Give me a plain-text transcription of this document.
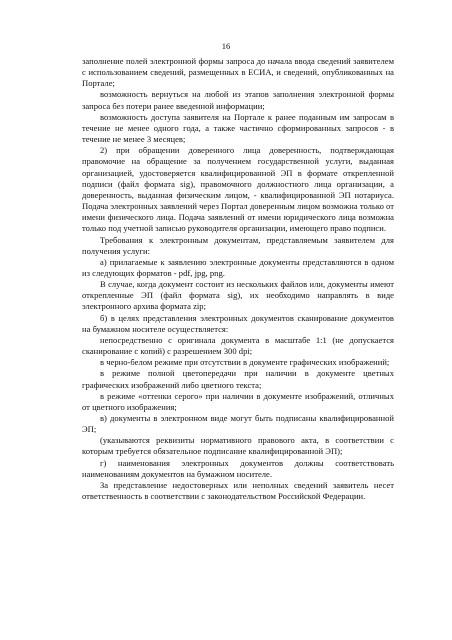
16

заполнение полей электронной формы запроса до начала ввода сведений заявителем с использованием сведений, размещенных в ЕСИА, и сведений, опубликованных на Портале;

возможность вернуться на любой из этапов заполнения электронной формы запроса без потери ранее введенной информации;

возможность доступа заявителя на Портале к ранее поданным им запросам в течение не менее одного года, а также частично сформированных запросов - в течение не менее 3 месяцев;

2) при обращении доверенного лица доверенность, подтверждающая правомочие на обращение за получением государственной услуги, выданная организацией, удостоверяется квалифицированной ЭП в формате открепленной подписи (файл формата sig), правомочного должностного лица организации, а доверенность, выданная физическим лицом, - квалифицированной ЭП нотариуса. Подача электронных заявлений через Портал доверенным лицом возможна только от имени физического лица. Подача заявлений от имени юридического лица возможна только под учетной записью руководителя организации, имеющего право подписи.

Требования к электронным документам, представляемым заявителем для получения услуги:

а) прилагаемые к заявлению электронные документы представляются в одном из следующих форматов - pdf, jpg, png.

В случае, когда документ состоит из нескольких файлов или, документы имеют открепленные ЭП (файл формата sig), их необходимо направлять в виде электронного архива формата zip;

б) в целях представления электронных документов сканирование документов на бумажном носителе осуществляется:

непосредственно с оригинала документа в масштабе 1:1 (не допускается сканирование с копий) с разрешением 300 dpi;

в черно-белом режиме при отсутствии в документе графических изображений;

в режиме полной цветопередачи при наличии в документе цветных графических изображений либо цветного текста;

в режиме «оттенки серого» при наличии в документе изображений, отличных от цветного изображения;

в) документы в электронном виде могут быть подписаны квалифицированной ЭП;

(указываются реквизиты нормативного правового акта, в соответствии с которым требуется обязательное подписание квалифицированной ЭП);

г) наименования электронных документов должны соответствовать наименованиям документов на бумажном носителе.

За представление недостоверных или неполных сведений заявитель несет ответственность в соответствии с законодательством Российской Федерации.
